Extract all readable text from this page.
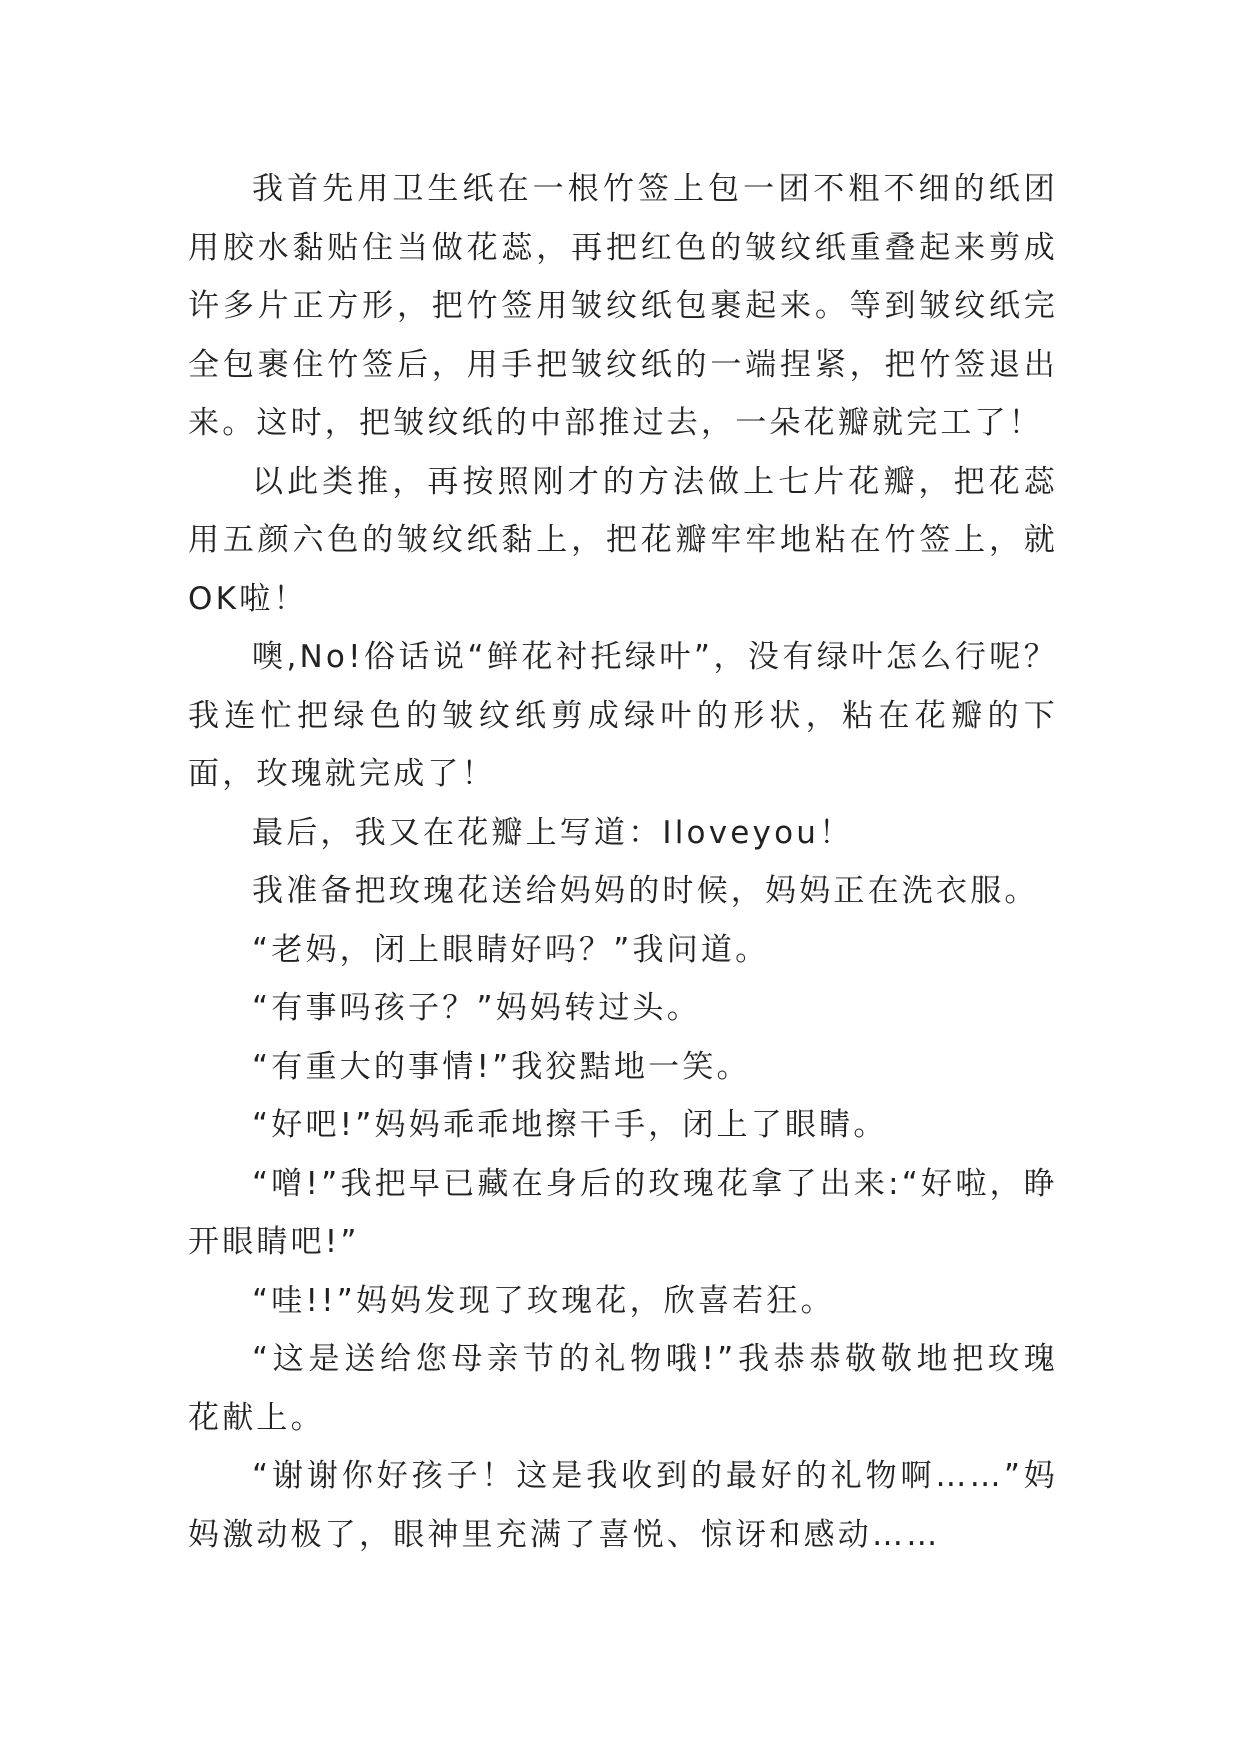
我首先用卫生纸在一根竹签上包一团不粗不细的纸团用胶水黏贴住当做花蕊，再把红色的皱纹纸重叠起来剪成许多片正方形，把竹签用皱纹纸包裹起来。等到皱纹纸完全包裹住竹签后，用手把皱纹纸的一端捏紧，把竹签退出来。这时，把皱纹纸的中部推过去，一朵花瓣就完工了！

以此类推，再按照刚才的方法做上七片花瓣，把花蕊用五颜六色的皱纹纸黏上，把花瓣牢牢地粘在竹签上，就OK啦！

噢,No!俗话说“鲜花衬托绿叶”，没有绿叶怎么行呢？我连忙把绿色的皱纹纸剪成绿叶的形状，粘在花瓣的下面，玫瑰就完成了！

最后，我又在花瓣上写道：Iloveyou！

我准备把玫瑰花送给妈妈的时候，妈妈正在洗衣服。

“老妈，闭上眼睛好吗？”我问道。

“有事吗孩子？”妈妈转过头。

“有重大的事情!”我狡黠地一笑。

“好吧!”妈妈乖乖地擦干手，闭上了眼睛。

“噌!”我把早已藏在身后的玫瑰花拿了出来:“好啦，睁开眼睛吧!”

“哇!!”妈妈发现了玫瑰花，欣喜若狂。

“这是送给您母亲节的礼物哦!”我恭恭敬敬地把玫瑰花献上。

“谢谢你好孩子！这是我收到的最好的礼物啊……”妈妈激动极了，眼神里充满了喜悦、惊讶和感动……
